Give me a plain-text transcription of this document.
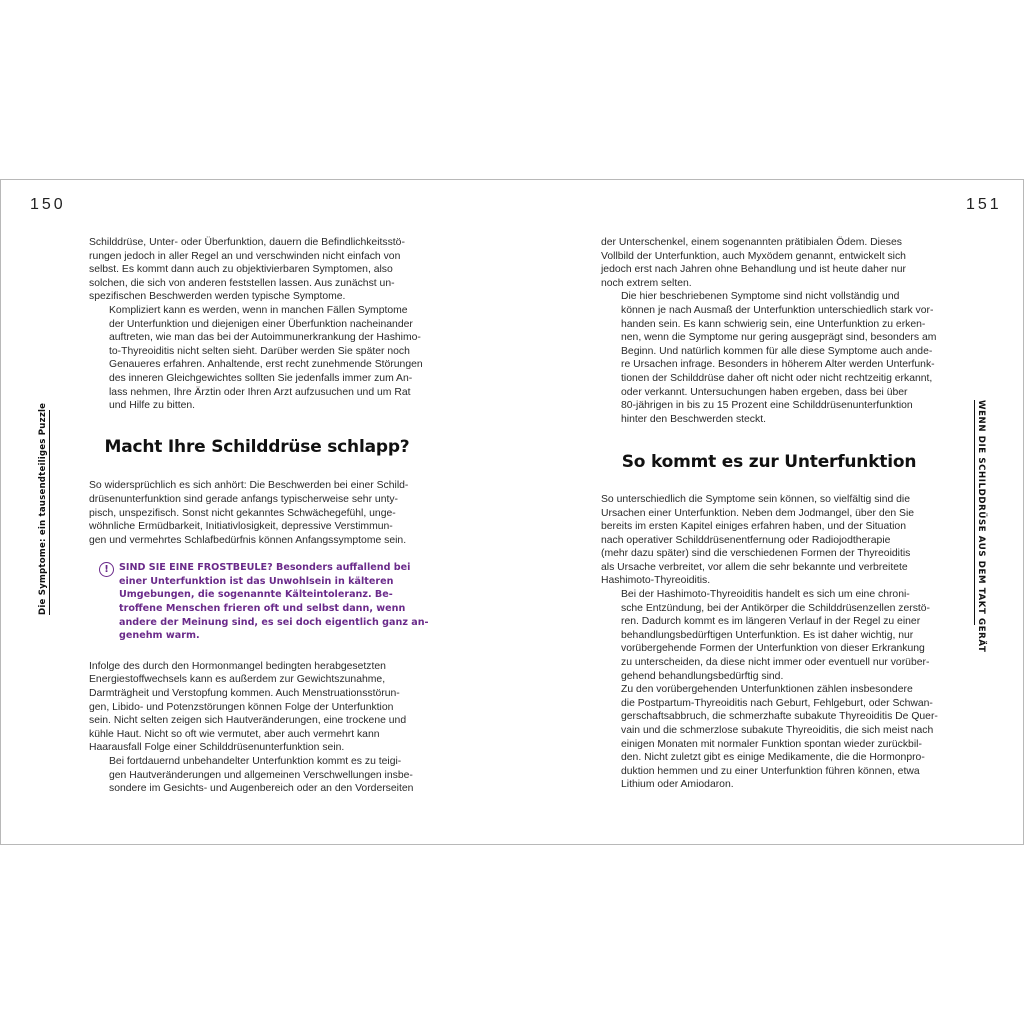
150	151
Die Symptome: ein tausendteiliges Puzzle	WENN DIE SCHILDDRÜSE AUS DEM TAKT GERÄT

Schilddrüse, Unter- oder Überfunktion, dauern die Befindlichkeitsstö-
rungen jedoch in aller Regel an und verschwinden nicht einfach von
selbst. Es kommt dann auch zu objektivierbaren Symptomen, also
solchen, die sich von anderen feststellen lassen. Aus zunächst un-
spezifischen Beschwerden werden typische Symptome.

Kompliziert kann es werden, wenn in manchen Fällen Symptome
der Unterfunktion und diejenigen einer Überfunktion nacheinander
auftreten, wie man das bei der Autoimmunerkrankung der Hashimo-
to-Thyreoiditis nicht selten sieht. Darüber werden Sie später noch
Genaueres erfahren. Anhaltende, erst recht zunehmende Störungen
des inneren Gleichgewichtes sollten Sie jedenfalls immer zum An-
lass nehmen, Ihre Ärztin oder Ihren Arzt aufzusuchen und um Rat
und Hilfe zu bitten.

Macht Ihre Schilddrüse schlapp?

So widersprüchlich es sich anhört: Die Beschwerden bei einer Schild-
drüsenunterfunktion sind gerade anfangs typischerweise sehr unty-
pisch, unspezifisch. Sonst nicht gekanntes Schwächegefühl, unge-
wöhnliche Ermüdbarkeit, Initiativlosigkeit, depressive Verstimmun-
gen und vermehrtes Schlafbedürfnis können Anfangssymptome sein.

!	SIND SIE EINE FROSTBEULE? Besonders auffallend bei
einer Unterfunktion ist das Unwohlsein in kälteren
Umgebungen, die sogenannte Kälteintoleranz. Be-
troffene Menschen frieren oft und selbst dann, wenn
andere der Meinung sind, es sei doch eigentlich ganz an-
genehm warm.

Infolge des durch den Hormonmangel bedingten herabgesetzten
Energiestoffwechsels kann es außerdem zur Gewichtszunahme,
Darmträgheit und Verstopfung kommen. Auch Menstruationsstörun-
gen, Libido- und Potenzstörungen können Folge der Unterfunktion
sein. Nicht selten zeigen sich Hautveränderungen, eine trockene und
kühle Haut. Nicht so oft wie vermutet, aber auch vermehrt kann
Haarausfall Folge einer Schilddrüsenunterfunktion sein.

Bei fortdauernd unbehandelter Unterfunktion kommt es zu teigi-
gen Hautveränderungen und allgemeinen Verschwellungen insbe-
sondere im Gesichts- und Augenbereich oder an den Vorderseiten

der Unterschenkel, einem sogenannten prätibialen Ödem. Dieses
Vollbild der Unterfunktion, auch Myxödem genannt, entwickelt sich
jedoch erst nach Jahren ohne Behandlung und ist heute daher nur
noch extrem selten.

Die hier beschriebenen Symptome sind nicht vollständig und
können je nach Ausmaß der Unterfunktion unterschiedlich stark vor-
handen sein. Es kann schwierig sein, eine Unterfunktion zu erken-
nen, wenn die Symptome nur gering ausgeprägt sind, besonders am
Beginn. Und natürlich kommen für alle diese Symptome auch ande-
re Ursachen infrage. Besonders in höherem Alter werden Unterfunk-
tionen der Schilddrüse daher oft nicht oder nicht rechtzeitig erkannt,
oder verkannt. Untersuchungen haben ergeben, dass bei über
80-jährigen in bis zu 15 Prozent eine Schilddrüsenunterfunktion
hinter den Beschwerden steckt.

So kommt es zur Unterfunktion

So unterschiedlich die Symptome sein können, so vielfältig sind die
Ursachen einer Unterfunktion. Neben dem Jodmangel, über den Sie
bereits im ersten Kapitel einiges erfahren haben, und der Situation
nach operativer Schilddrüsenentfernung oder Radiojodtherapie
(mehr dazu später) sind die verschiedenen Formen der Thyreoiditis
als Ursache verbreitet, vor allem die sehr bekannte und verbreitete
Hashimoto-Thyreoiditis.

Bei der Hashimoto-Thyreoiditis handelt es sich um eine chroni-
sche Entzündung, bei der Antikörper die Schilddrüsenzellen zerstö-
ren. Dadurch kommt es im längeren Verlauf in der Regel zu einer
behandlungsbedürftigen Unterfunktion. Es ist daher wichtig, nur
vorübergehende Formen der Unterfunktion von dieser Erkrankung
zu unterscheiden, da diese nicht immer oder eventuell nur vorüber-
gehend behandlungsbedürftig sind.

Zu den vorübergehenden Unterfunktionen zählen insbesondere
die Postpartum-Thyreoiditis nach Geburt, Fehlgeburt, oder Schwan-
gerschaftsabbruch, die schmerzhafte subakute Thyreoiditis De Quer-
vain und die schmerzlose subakute Thyreoiditis, die sich meist nach
einigen Monaten mit normaler Funktion spontan wieder zurückbil-
den. Nicht zuletzt gibt es einige Medikamente, die die Hormonpro-
duktion hemmen und zu einer Unterfunktion führen können, etwa
Lithium oder Amiodaron.
